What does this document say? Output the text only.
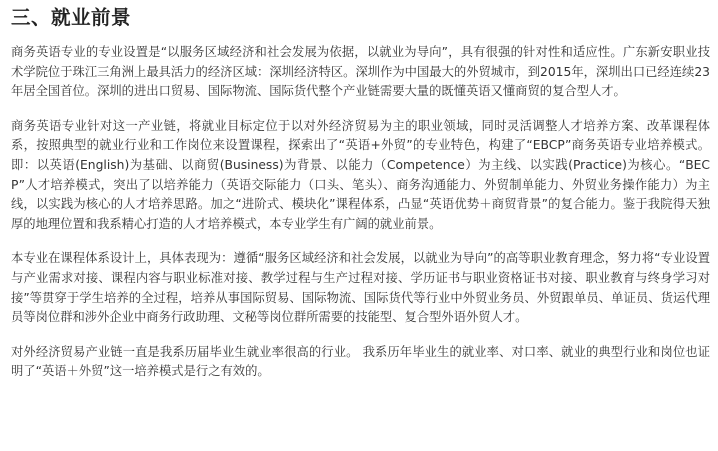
三、就业前景

商务英语专业的专业设置是“以服务区域经济和社会发展为依据，以就业为导向”，具有很强的针对性和适应性。广东新安职业技术学院位于珠江三角洲上最具活力的经济区域：深圳经济特区。深圳作为中国最大的外贸城市，到2015年，深圳出口已经连续23年居全国首位。深圳的进出口贸易、国际物流、国际货代整个产业链需要大量的既懂英语又懂商贸的复合型人才。

商务英语专业针对这一产业链，将就业目标定位于以对外经济贸易为主的职业领域，同时灵活调整人才培养方案、改革课程体系，按照典型的就业行业和工作岗位来设置课程，探索出了“英语+外贸”的专业特色，构建了“EBCP”商务英语专业培养模式。即：以英语(English)为基础、以商贸(Business)为背景、以能力（Competence）为主线、以实践(Practice)为核心。“BECP”人才培养模式，突出了以培养能力（英语交际能力（口头、笔头）、商务沟通能力、外贸制单能力、外贸业务操作能力）为主线，以实践为核心的人才培养思路。加之“进阶式、模块化”课程体系，凸显“英语优势＋商贸背景”的复合能力。鉴于我院得天独厚的地理位置和我系精心打造的人才培养模式，本专业学生有广阔的就业前景。

本专业在课程体系设计上，具体表现为：遵循“服务区域经济和社会发展，以就业为导向”的高等职业教育理念，努力将“专业设置与产业需求对接、课程内容与职业标准对接、教学过程与生产过程对接、学历证书与职业资格证书对接、职业教育与终身学习对接”等贯穿于学生培养的全过程，培养从事国际贸易、国际物流、国际货代等行业中外贸业务员、外贸跟单员、单证员、货运代理员等岗位群和涉外企业中商务行政助理、文秘等岗位群所需要的技能型、复合型外语外贸人才。

对外经济贸易产业链一直是我系历届毕业生就业率很高的行业。 我系历年毕业生的就业率、对口率、就业的典型行业和岗位也证明了“英语＋外贸”这一培养模式是行之有效的。
